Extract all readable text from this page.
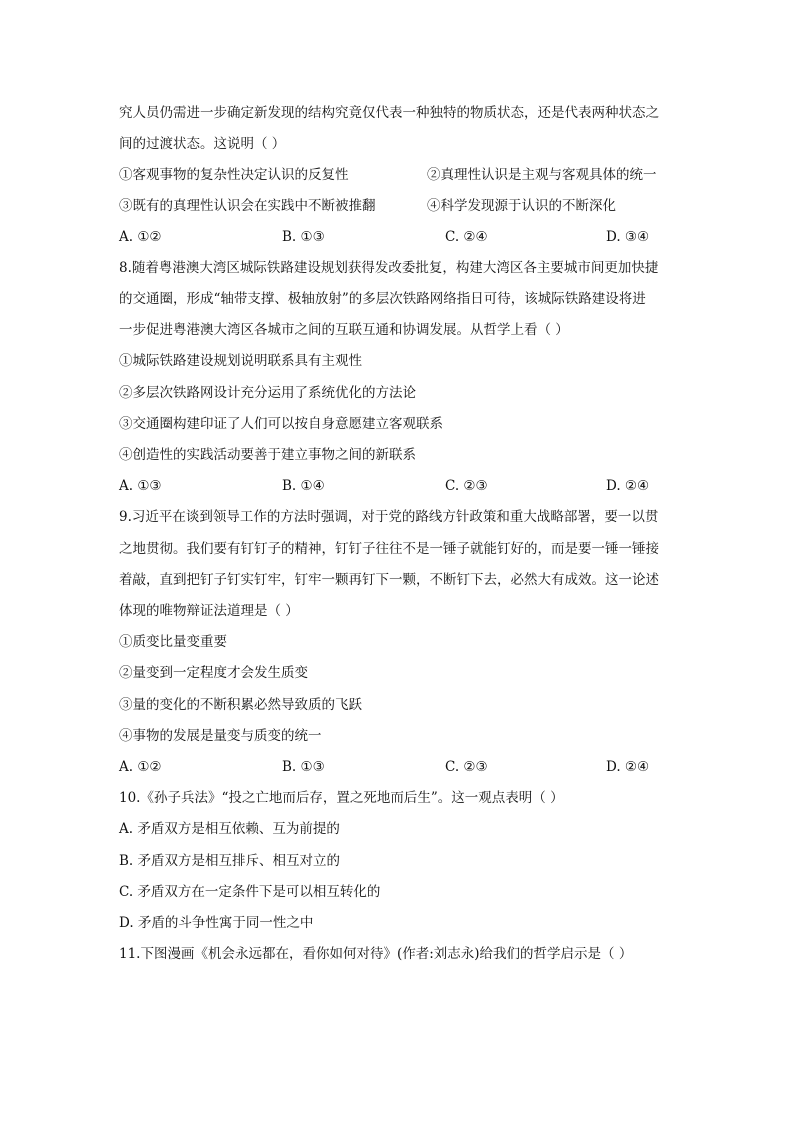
究人员仍需进一步确定新发现的结构究竟仅代表一种独特的物质状态，还是代表两种状态之
间的过渡状态。这说明（ ）
①客观事物的复杂性决定认识的反复性	②真理性认识是主观与客观具体的统一
③既有的真理性认识会在实践中不断被推翻	④科学发现源于认识的不断深化
A. ①②	B. ①③	C. ②④	D. ③④
8.随着粤港澳大湾区城际铁路建设规划获得发改委批复，构建大湾区各主要城市间更加快捷
的交通圈，形成“轴带支撑、极轴放射”的多层次铁路网络指日可待，该城际铁路建设将进
一步促进粤港澳大湾区各城市之间的互联互通和协调发展。从哲学上看（ ）
①城际铁路建设规划说明联系具有主观性
②多层次铁路网设计充分运用了系统优化的方法论
③交通圈构建印证了人们可以按自身意愿建立客观联系
④创造性的实践活动要善于建立事物之间的新联系
A. ①③	B. ①④	C. ②③	D. ②④
9.习近平在谈到领导工作的方法时强调，对于党的路线方针政策和重大战略部署，要一以贯
之地贯彻。我们要有钉钉子的精神，钉钉子往往不是一锤子就能钉好的，而是要一锤一锤接
着敲，直到把钉子钉实钉牢，钉牢一颗再钉下一颗，不断钉下去，必然大有成效。这一论述
体现的唯物辩证法道理是（ ）
①质变比量变重要
②量变到一定程度才会发生质变
③量的变化的不断积累必然导致质的飞跃
④事物的发展是量变与质变的统一
A. ①②	B. ①③	C. ②③	D. ②④
10.《孙子兵法》“投之亡地而后存，置之死地而后生”。这一观点表明（ ）
A. 矛盾双方是相互依赖、互为前提的
B. 矛盾双方是相互排斥、相互对立的
C. 矛盾双方在一定条件下是可以相互转化的
D. 矛盾的斗争性寓于同一性之中
11.下图漫画《机会永远都在，看你如何对待》(作者:刘志永)给我们的哲学启示是（ ）
